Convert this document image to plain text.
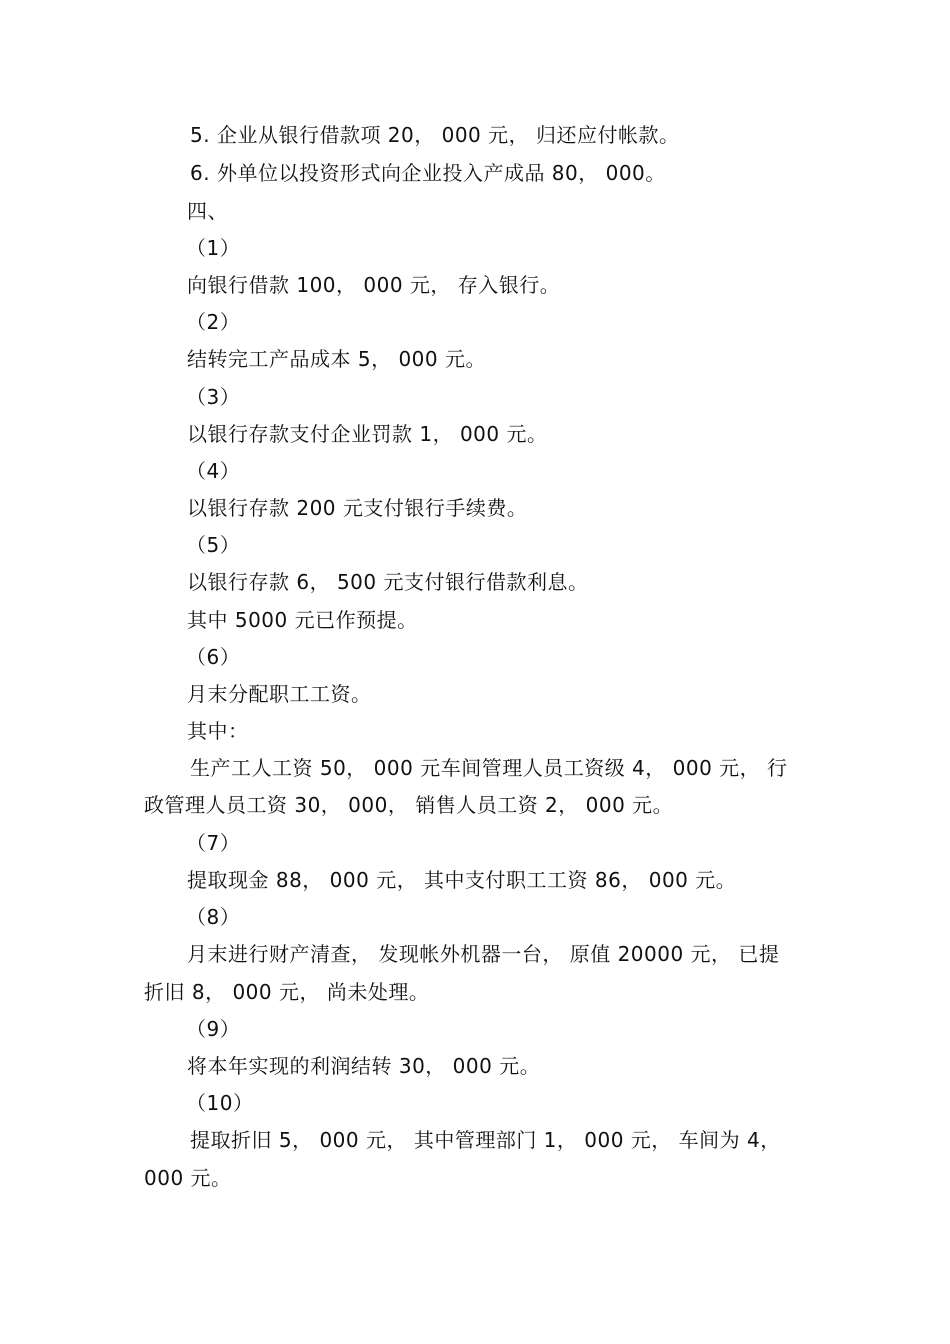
5. 企业从银行借款项 20， 000 元， 归还应付帐款。

6. 外单位以投资形式向企业投入产成品 80， 000。

四、

（1）

向银行借款 100， 000 元， 存入银行。

（2）

结转完工产品成本 5， 000 元。

（3）

以银行存款支付企业罚款 1， 000 元。

（4）

以银行存款 200 元支付银行手续费。

（5）

以银行存款 6， 500 元支付银行借款利息。

其中 5000 元已作预提。

（6）

月末分配职工工资。

其中：

生产工人工资 50， 000 元车间管理人员工资级 4， 000 元， 行

政管理人员工资 30， 000， 销售人员工资 2， 000 元。

（7）

提取现金 88， 000 元， 其中支付职工工资 86， 000 元。

（8）

月末进行财产清查， 发现帐外机器一台， 原值 20000 元， 已提

折旧 8， 000 元， 尚未处理。

（9）

将本年实现的利润结转 30， 000 元。

（10）

提取折旧 5， 000 元， 其中管理部门 1， 000 元， 车间为 4，

000 元。
